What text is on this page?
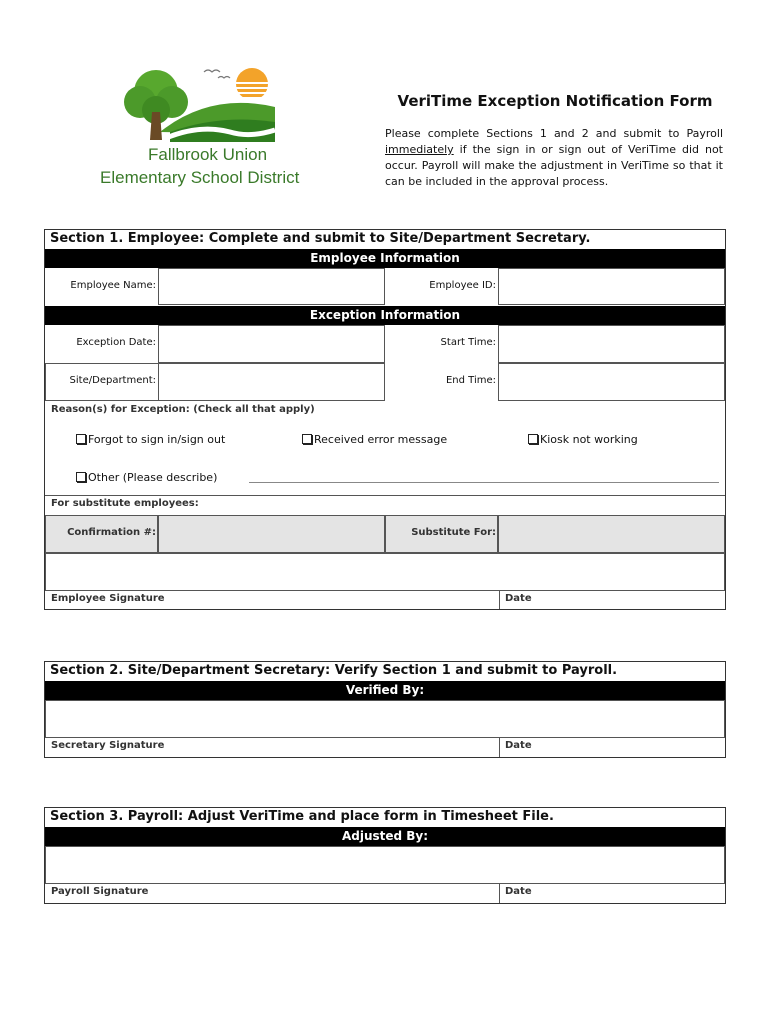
Fallbrook Union
Elementary School District
VeriTime Exception Notification Form
Please complete Sections 1 and 2 and submit to Payroll immediately if the sign in or sign out of VeriTime did not occur. Payroll will make the adjustment in VeriTime so that it can be included in the approval process.
Section 1. Employee: Complete and submit to Site/Department Secretary.
Employee Information
Employee Name:	Employee ID:
Exception Information
Exception Date:	Start Time:
Site/Department:	End Time:
Reason(s) for Exception: (Check all that apply)
Forgot to sign in/sign out	Received error message	Kiosk not working
Other (Please describe)
For substitute employees:
Confirmation #:	Substitute For:
Employee Signature	Date
Section 2. Site/Department Secretary: Verify Section 1 and submit to Payroll.
Verified By:
Secretary Signature	Date
Section 3. Payroll: Adjust VeriTime and place form in Timesheet File.
Adjusted By:
Payroll Signature	Date
